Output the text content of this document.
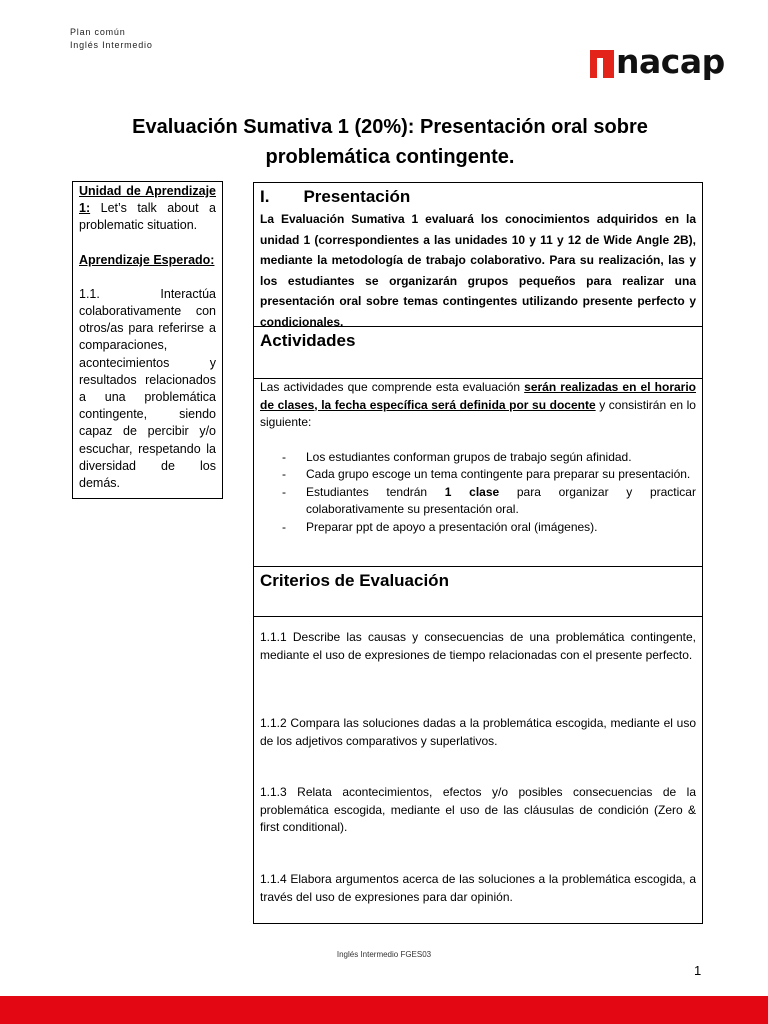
Plan común
Inglés Intermedio	nacap
Evaluación Sumativa 1 (20%): Presentación oral sobre
problemática contingente.

Unidad de Aprendizaje 1: Let’s talk about a problematic situation.

Aprendizaje Esperado:

1.1. Interactúa colaborativamente con otros/as para referirse a comparaciones, acontecimientos y resultados relacionados a una problemática contingente, siendo capaz de percibir y/o escuchar, respetando la diversidad de los demás.

I. Presentación

La Evaluación Sumativa 1 evaluará los conocimientos adquiridos en la unidad 1 (correspondientes a las unidades 10 y 11 y 12 de Wide Angle 2B), mediante la metodología de trabajo colaborativo. Para su realización, las y los estudiantes se organizarán grupos pequeños para realizar una presentación oral sobre temas contingentes utilizando presente perfecto y condicionales.

Actividades

Las actividades que comprende esta evaluación serán realizadas en el horario de clases, la fecha específica será definida por su docente y consistirán en lo siguiente:

- Los estudiantes conforman grupos de trabajo según afinidad.
- Cada grupo escoge un tema contingente para preparar su presentación.
- Estudiantes tendrán 1 clase para organizar y practicar colaborativamente su presentación oral.
- Preparar ppt de apoyo a presentación oral (imágenes).
Criterios de Evaluación

1.1.1 Describe las causas y consecuencias de una problemática contingente, mediante el uso de expresiones de tiempo relacionadas con el presente perfecto.

1.1.2 Compara las soluciones dadas a la problemática escogida, mediante el uso de los adjetivos comparativos y superlativos.

1.1.3 Relata acontecimientos, efectos y/o posibles consecuencias de la problemática escogida, mediante el uso de las cláusulas de condición (Zero & first conditional).

1.1.4 Elabora argumentos acerca de las soluciones a la problemática escogida, a través del uso de expresiones para dar opinión.

Inglés Intermedio FGES03
1
